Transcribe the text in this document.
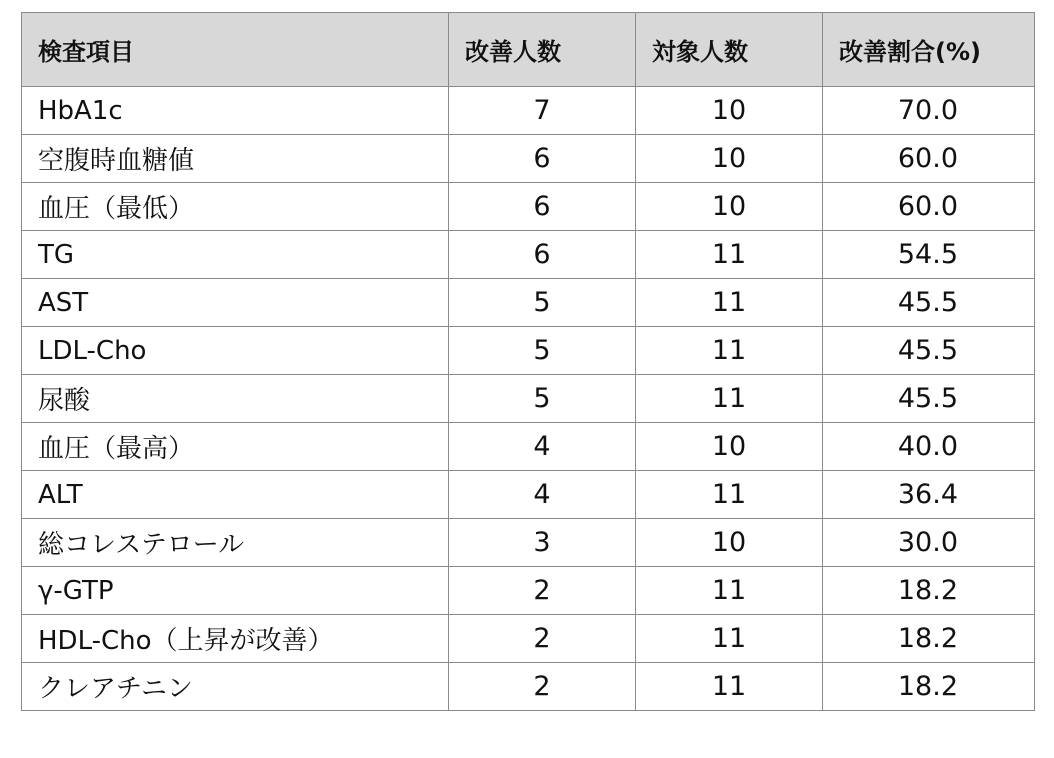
検査項目	改善人数	対象人数	改善割合(%)
HbA1c	7	10	70.0
空腹時血糖値	6	10	60.0
血圧（最低）	6	10	60.0
TG	6	11	54.5
AST	5	11	45.5
LDL-Cho	5	11	45.5
尿酸	5	11	45.5
血圧（最高）	4	10	40.0
ALT	4	11	36.4
総コレステロール	3	10	30.0
γ-GTP	2	11	18.2
HDL-Cho（上昇が改善）	2	11	18.2
クレアチニン	2	11	18.2
